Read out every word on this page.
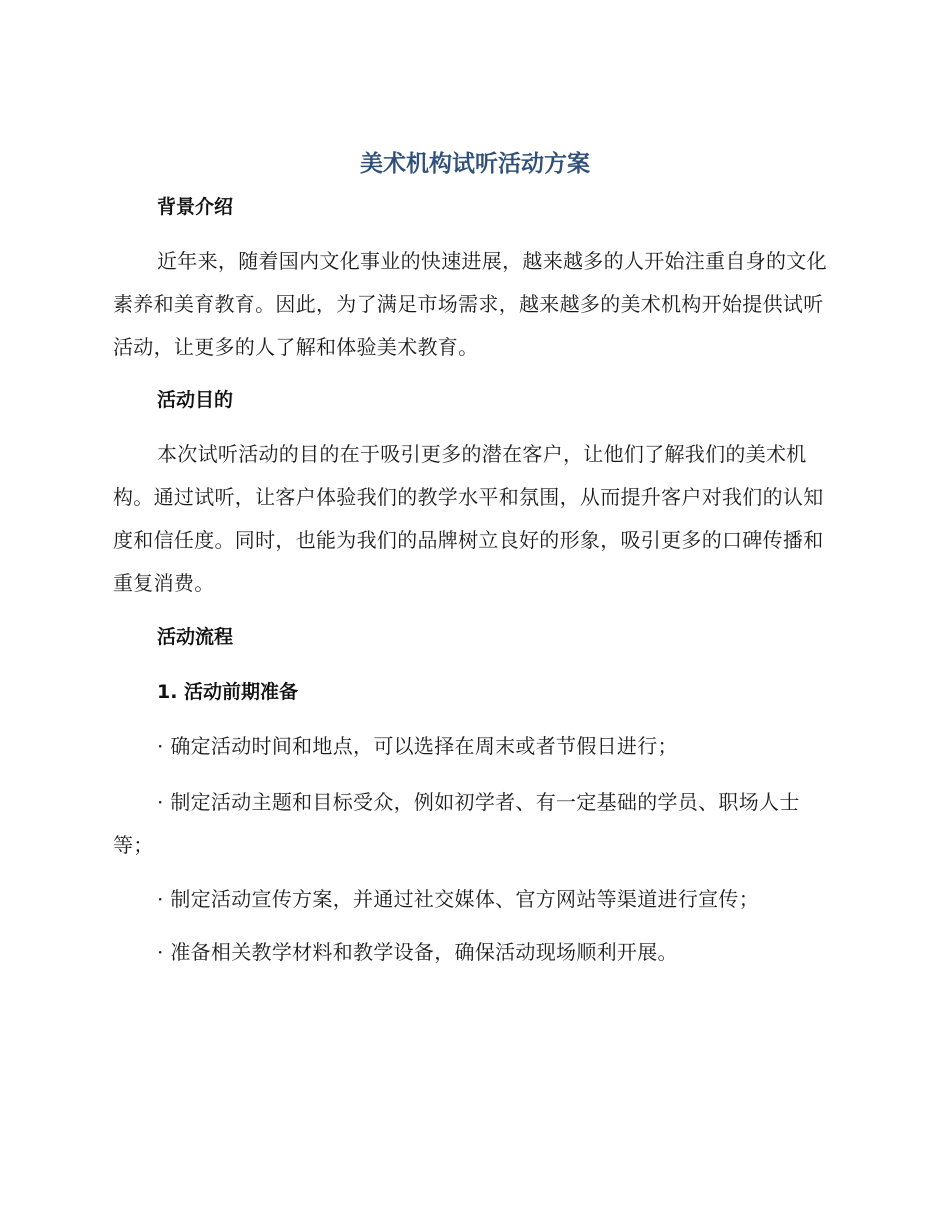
美术机构试听活动方案
背景介绍

近年来，随着国内文化事业的快速进展，越来越多的人开始注重自身的文化素养和美育教育。因此，为了满足市场需求，越来越多的美术机构开始提供试听活动，让更多的人了解和体验美术教育。

活动目的

本次试听活动的目的在于吸引更多的潜在客户，让他们了解我们的美术机构。通过试听，让客户体验我们的教学水平和氛围，从而提升客户对我们的认知度和信任度。同时，也能为我们的品牌树立良好的形象，吸引更多的口碑传播和重复消费。

活动流程
1. 活动前期准备

· 确定活动时间和地点，可以选择在周末或者节假日进行；

· 制定活动主题和目标受众，例如初学者、有一定基础的学员、职场人士等；

· 制定活动宣传方案，并通过社交媒体、官方网站等渠道进行宣传；

· 准备相关教学材料和教学设备，确保活动现场顺利开展。
